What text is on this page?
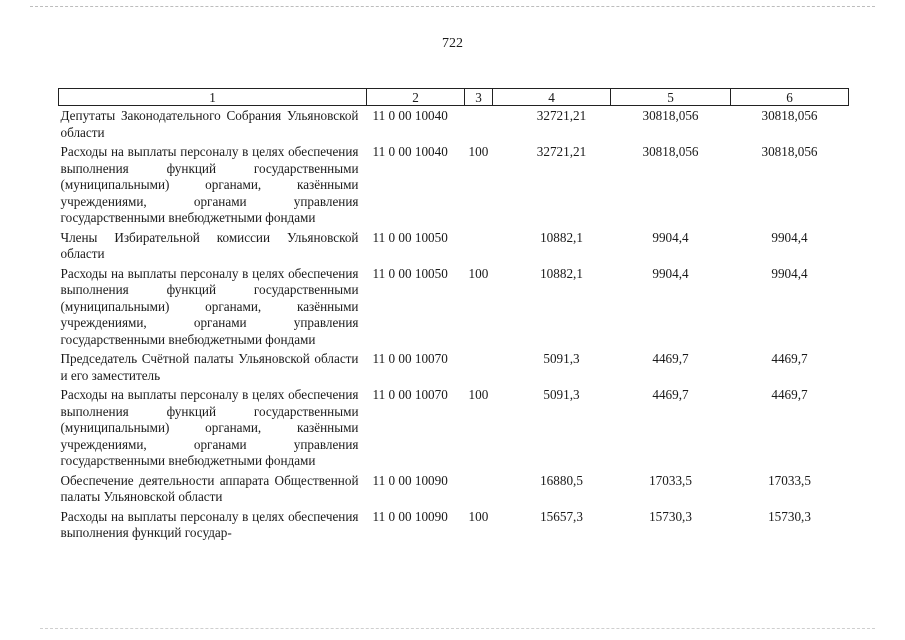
722
1	2	3	4	5	6
Депутаты Законодательного Собрания Ульяновской области	11 0 00 10040		32721,21	30818,056	30818,056
Расходы на выплаты персоналу в целях обеспечения выполнения функций государственными (муниципальными) органами, казёнными учреждениями, органами управления государственными внебюджетными фондами	11 0 00 10040	100	32721,21	30818,056	30818,056
Члены Избирательной комиссии Ульяновской области	11 0 00 10050		10882,1	9904,4	9904,4
Расходы на выплаты персоналу в целях обеспечения выполнения функций государственными (муниципальными) органами, казёнными учреждениями, органами управления государственными внебюджетными фондами	11 0 00 10050	100	10882,1	9904,4	9904,4
Председатель Счётной палаты Ульяновской области и его заместитель	11 0 00 10070		5091,3	4469,7	4469,7
Расходы на выплаты персоналу в целях обеспечения выполнения функций государственными (муниципальными) органами, казёнными учреждениями, органами управления государственными внебюджетными фондами	11 0 00 10070	100	5091,3	4469,7	4469,7
Обеспечение деятельности аппарата Общественной палаты Ульяновской области	11 0 00 10090		16880,5	17033,5	17033,5
Расходы на выплаты персоналу в целях обеспечения выполнения функций государ-	11 0 00 10090	100	15657,3	15730,3	15730,3
